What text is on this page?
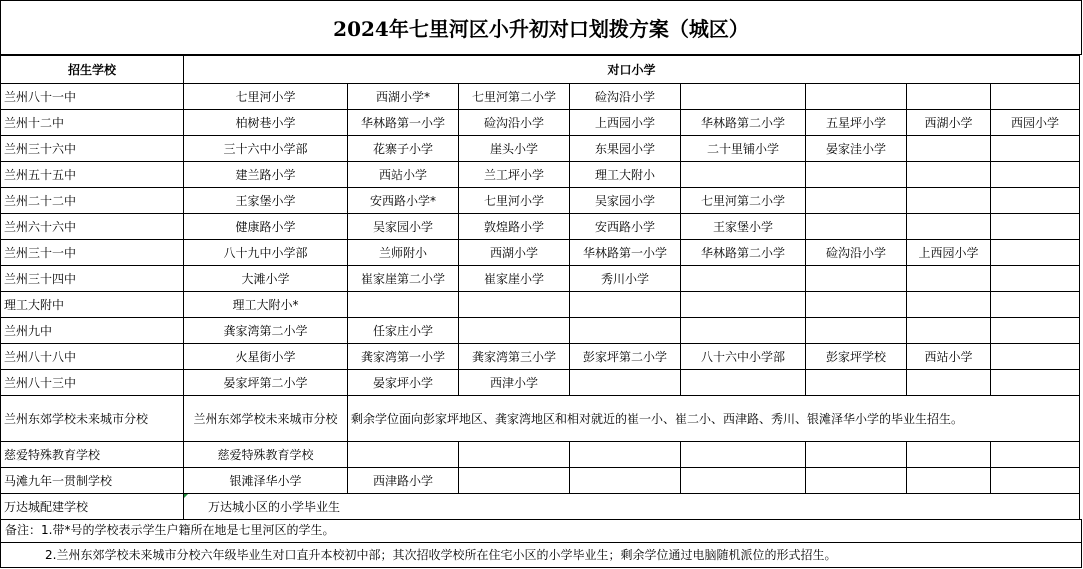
2024年七里河区小升初对口划拨方案（城区）
招生学校	对口小学							
兰州八十一中	七里河小学	西湖小学*	七里河第二小学	硷沟沿小学				
兰州十二中	柏树巷小学	华林路第一小学	硷沟沿小学	上西园小学	华林路第二小学	五星坪小学	西湖小学	西园小学
兰州三十六中	三十六中小学部	花寨子小学	崖头小学	东果园小学	二十里铺小学	晏家洼小学		
兰州五十五中	建兰路小学	西站小学	兰工坪小学	理工大附小				
兰州二十二中	王家堡小学	安西路小学*	七里河小学	吴家园小学	七里河第二小学			
兰州六十六中	健康路小学	吴家园小学	敦煌路小学	安西路小学	王家堡小学			
兰州三十一中	八十九中小学部	兰师附小	西湖小学	华林路第一小学	华林路第二小学	硷沟沿小学	上西园小学	
兰州三十四中	大滩小学	崔家崖第二小学	崔家崖小学	秀川小学				
理工大附中	理工大附小*							
兰州九中	龚家湾第二小学	任家庄小学						
兰州八十八中	火星街小学	龚家湾第一小学	龚家湾第三小学	彭家坪第二小学	八十六中小学部	彭家坪学校	西站小学	
兰州八十三中	晏家坪第二小学	晏家坪小学	西津小学					
兰州东郊学校未来城市分校	兰州东郊学校未来城市分校	剩余学位面向彭家坪地区、龚家湾地区和相对就近的崔一小、崔二小、西津路、秀川、银滩泽华小学的毕业生招生。						
慈爱特殊教育学校	慈爱特殊教育学校							
马滩九年一贯制学校	银滩泽华小学	西津路小学						
万达城配建学校	万达城小区的小学毕业生							
备注：1.带*号的学校表示学生户籍所在地是七里河区的学生。
2.兰州东郊学校未来城市分校六年级毕业生对口直升本校初中部；其次招收学校所在住宅小区的小学毕业生；剩余学位通过电脑随机派位的形式招生。
